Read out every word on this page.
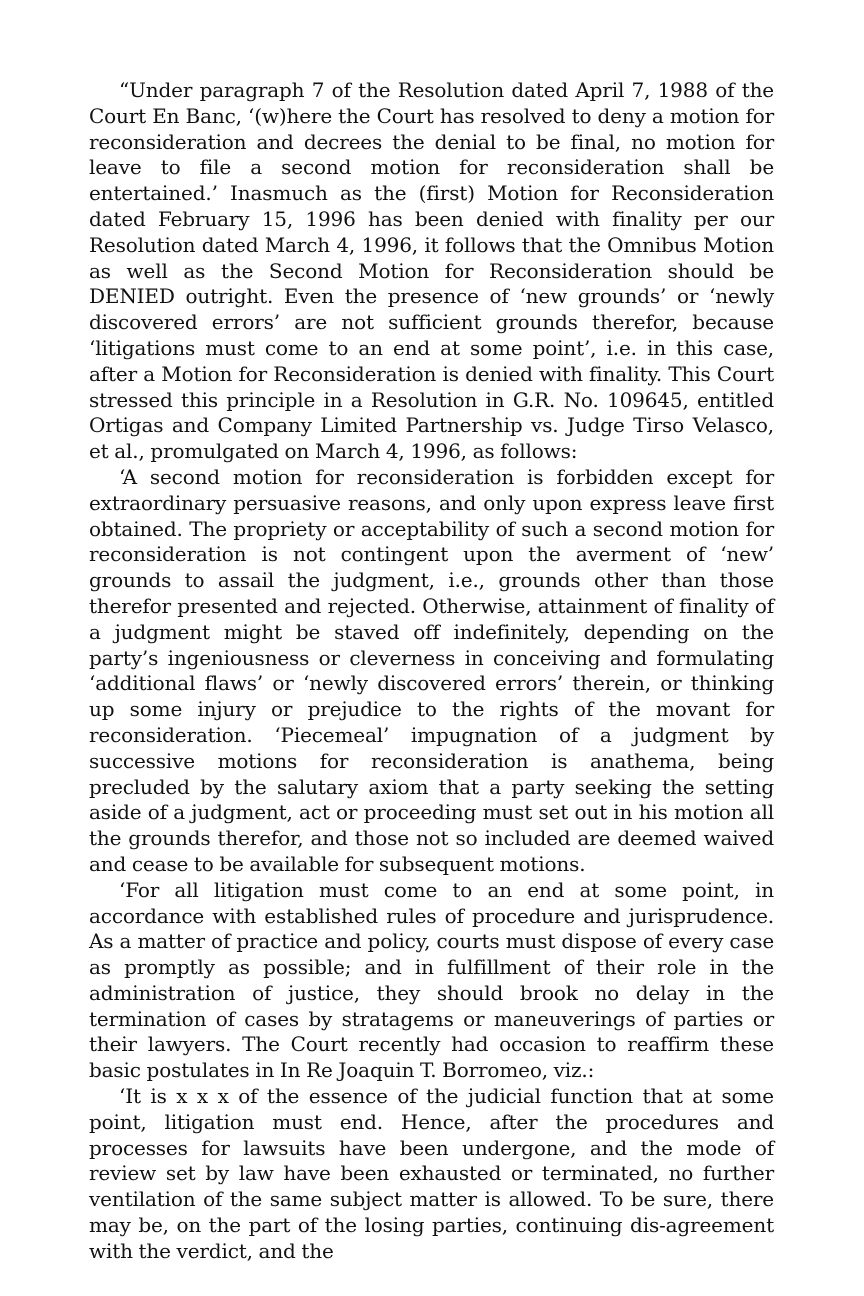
“Under paragraph 7 of the Resolution dated April 7, 1988 of the Court En Banc, ‘(w)here the Court has resolved to deny a motion for reconsideration and decrees the denial to be final, no motion for leave to file a second motion for reconsideration shall be entertained.’ Inasmuch as the (first) Motion for Reconsideration dated February 15, 1996 has been denied with finality per our Resolution dated March 4, 1996, it follows that the Omnibus Motion as well as the Second Motion for Reconsideration should be DENIED outright. Even the presence of ‘new grounds’ or ‘newly discovered errors’ are not sufficient grounds therefor, because ‘litigations must come to an end at some point’, i.e. in this case, after a Motion for Reconsideration is denied with finality. This Court stressed this principle in a Resolution in G.R. No. 109645, entitled Ortigas and Company Limited Partnership vs. Judge Tirso Velasco, et al., promulgated on March 4, 1996, as follows:

‘A second motion for reconsideration is forbidden except for extraordinary persuasive reasons, and only upon express leave first obtained. The propriety or acceptability of such a second motion for reconsideration is not contingent upon the averment of ‘new’ grounds to assail the judgment, i.e., grounds other than those therefor presented and rejected. Otherwise, attainment of finality of a judgment might be staved off indefinitely, depending on the party’s ingeniousness or cleverness in conceiving and formulating ‘additional flaws’ or ‘newly discovered errors’ therein, or thinking up some injury or prejudice to the rights of the movant for reconsideration. ‘Piecemeal’ impugnation of a judgment by successive motions for reconsideration is anathema, being precluded by the salutary axiom that a party seeking the setting aside of a judgment, act or proceeding must set out in his motion all the grounds therefor, and those not so included are deemed waived and cease to be available for subsequent motions.

‘For all litigation must come to an end at some point, in accordance with established rules of procedure and jurisprudence. As a matter of practice and policy, courts must dispose of every case as promptly as possible; and in fulfillment of their role in the administration of justice, they should brook no delay in the termination of cases by stratagems or maneuverings of parties or their lawyers. The Court recently had occasion to reaffirm these basic postulates in In Re Joaquin T. Borromeo, viz.:

‘It is x x x of the essence of the judicial function that at some point, litigation must end. Hence, after the procedures and processes for lawsuits have been undergone, and the mode of review set by law have been exhausted or terminated, no further ventilation of the same subject matter is allowed. To be sure, there may be, on the part of the losing parties, continuing dis-agreement with the verdict, and the
